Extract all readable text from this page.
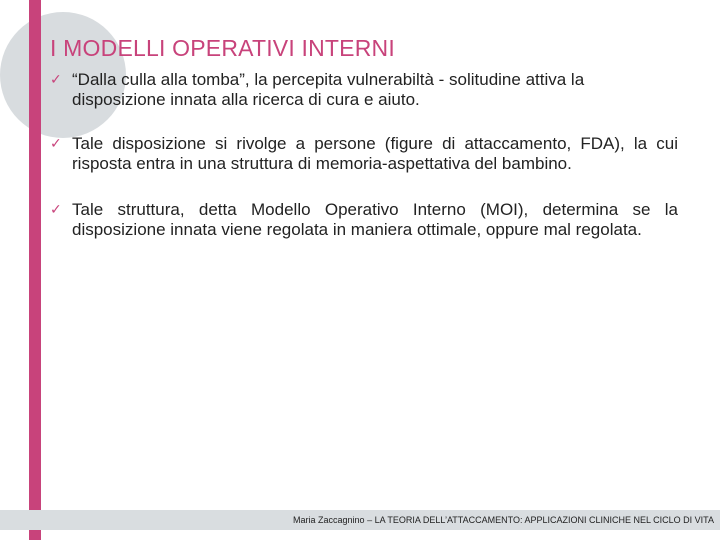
I MODELLI OPERATIVI INTERNI
✓ “Dalla culla alla tomba”, la percepita vulnerabiltà - solitudine attiva la disposizione innata alla ricerca di cura e aiuto.
✓ Tale disposizione si rivolge a persone (figure di attaccamento, FDA), la cui risposta entra in una struttura di memoria-aspettativa del bambino.
✓ Tale struttura, detta Modello Operativo Interno (MOI), determina se la disposizione innata viene regolata in maniera ottimale, oppure mal regolata.
Maria Zaccagnino – LA TEORIA DELL’ATTACCAMENTO: APPLICAZIONI CLINICHE NEL CICLO DI VITA
